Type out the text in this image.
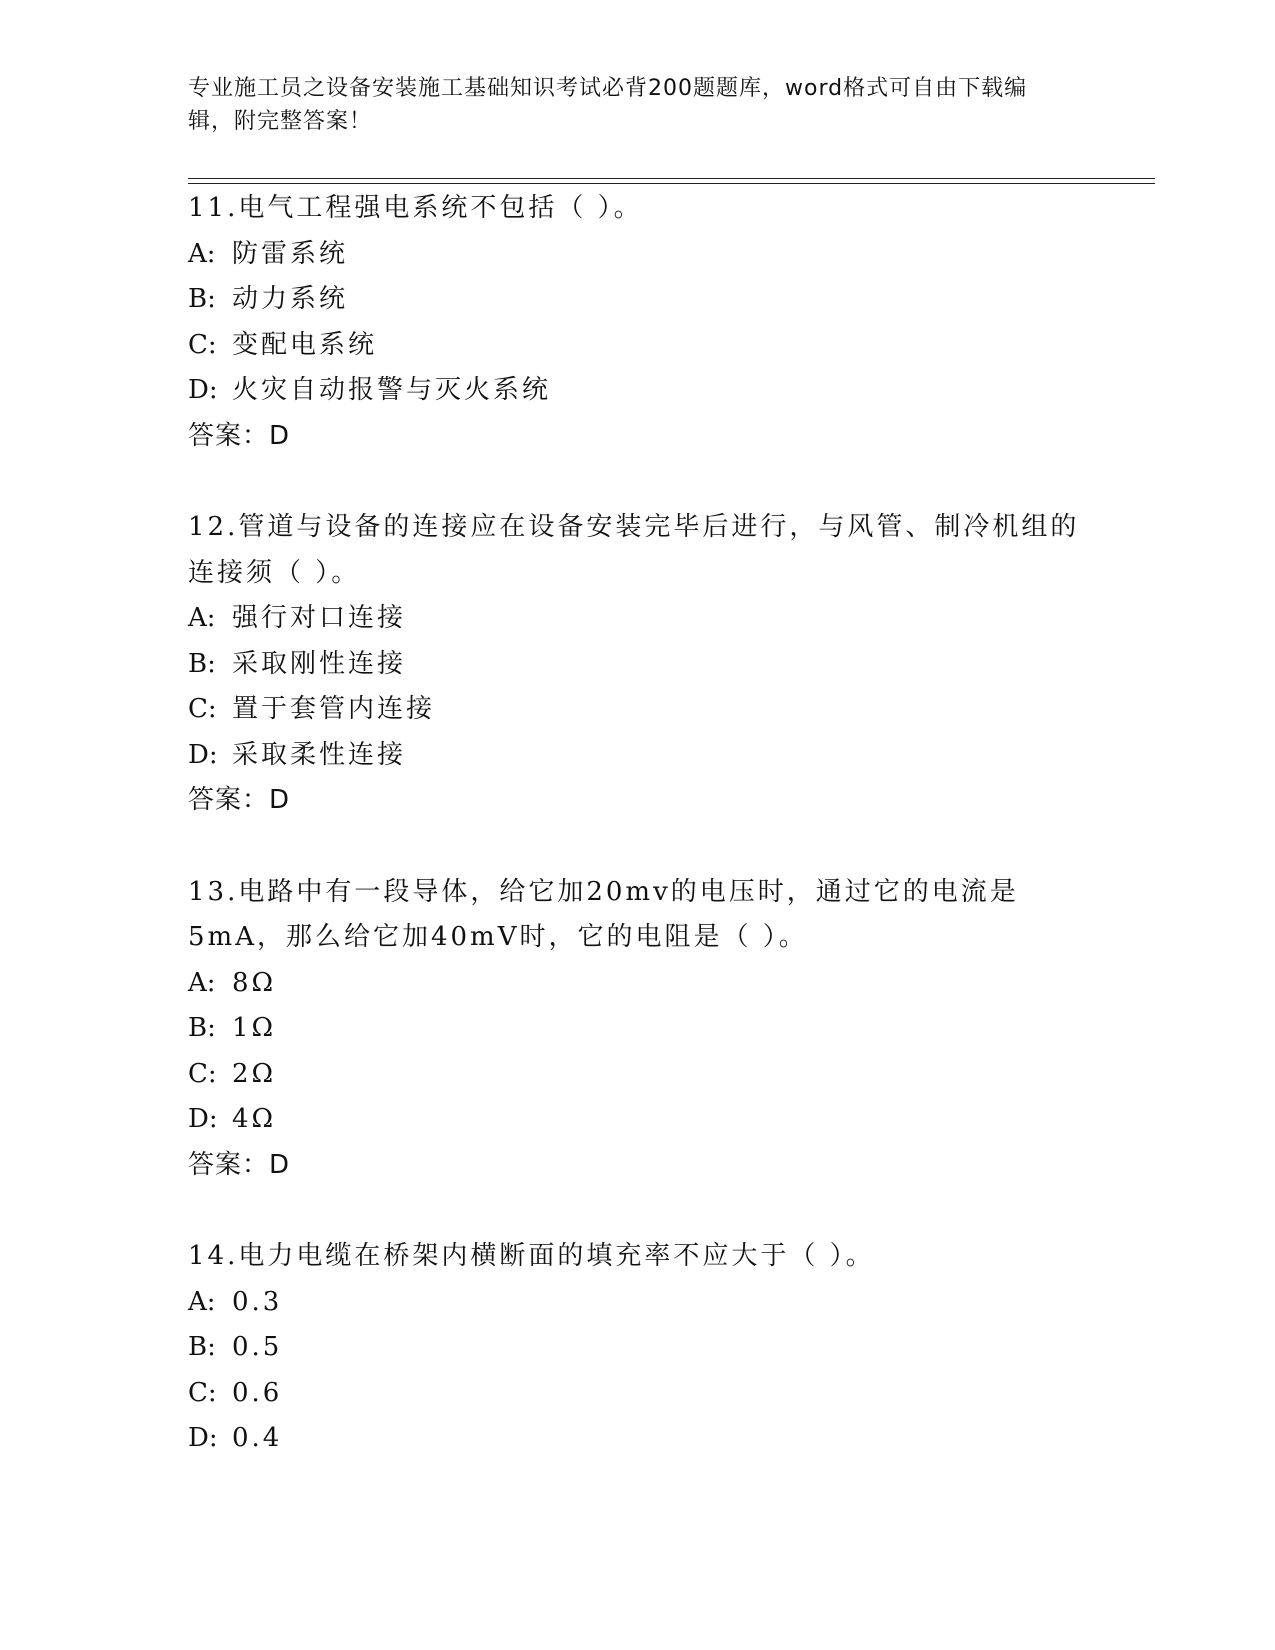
专业施工员之设备安装施工基础知识考试必背200题题库，word格式可自由下载编辑，附完整答案！

11.电气工程强电系统不包括（ ）。

A: 防雷系统

B: 动力系统

C: 变配电系统

D: 火灾自动报警与灭火系统

答案：D

12.管道与设备的连接应在设备安装完毕后进行，与风管、制冷机组的连接须（ ）。

A: 强行对口连接

B: 采取刚性连接

C: 置于套管内连接

D: 采取柔性连接

答案：D

13.电路中有一段导体，给它加20mv的电压时，通过它的电流是5mA，那么给它加40mV时，它的电阻是（ ）。

A: 8Ω

B: 1Ω

C: 2Ω

D: 4Ω

答案：D

14.电力电缆在桥架内横断面的填充率不应大于（ ）。

A: 0.3

B: 0.5

C: 0.6

D: 0.4
